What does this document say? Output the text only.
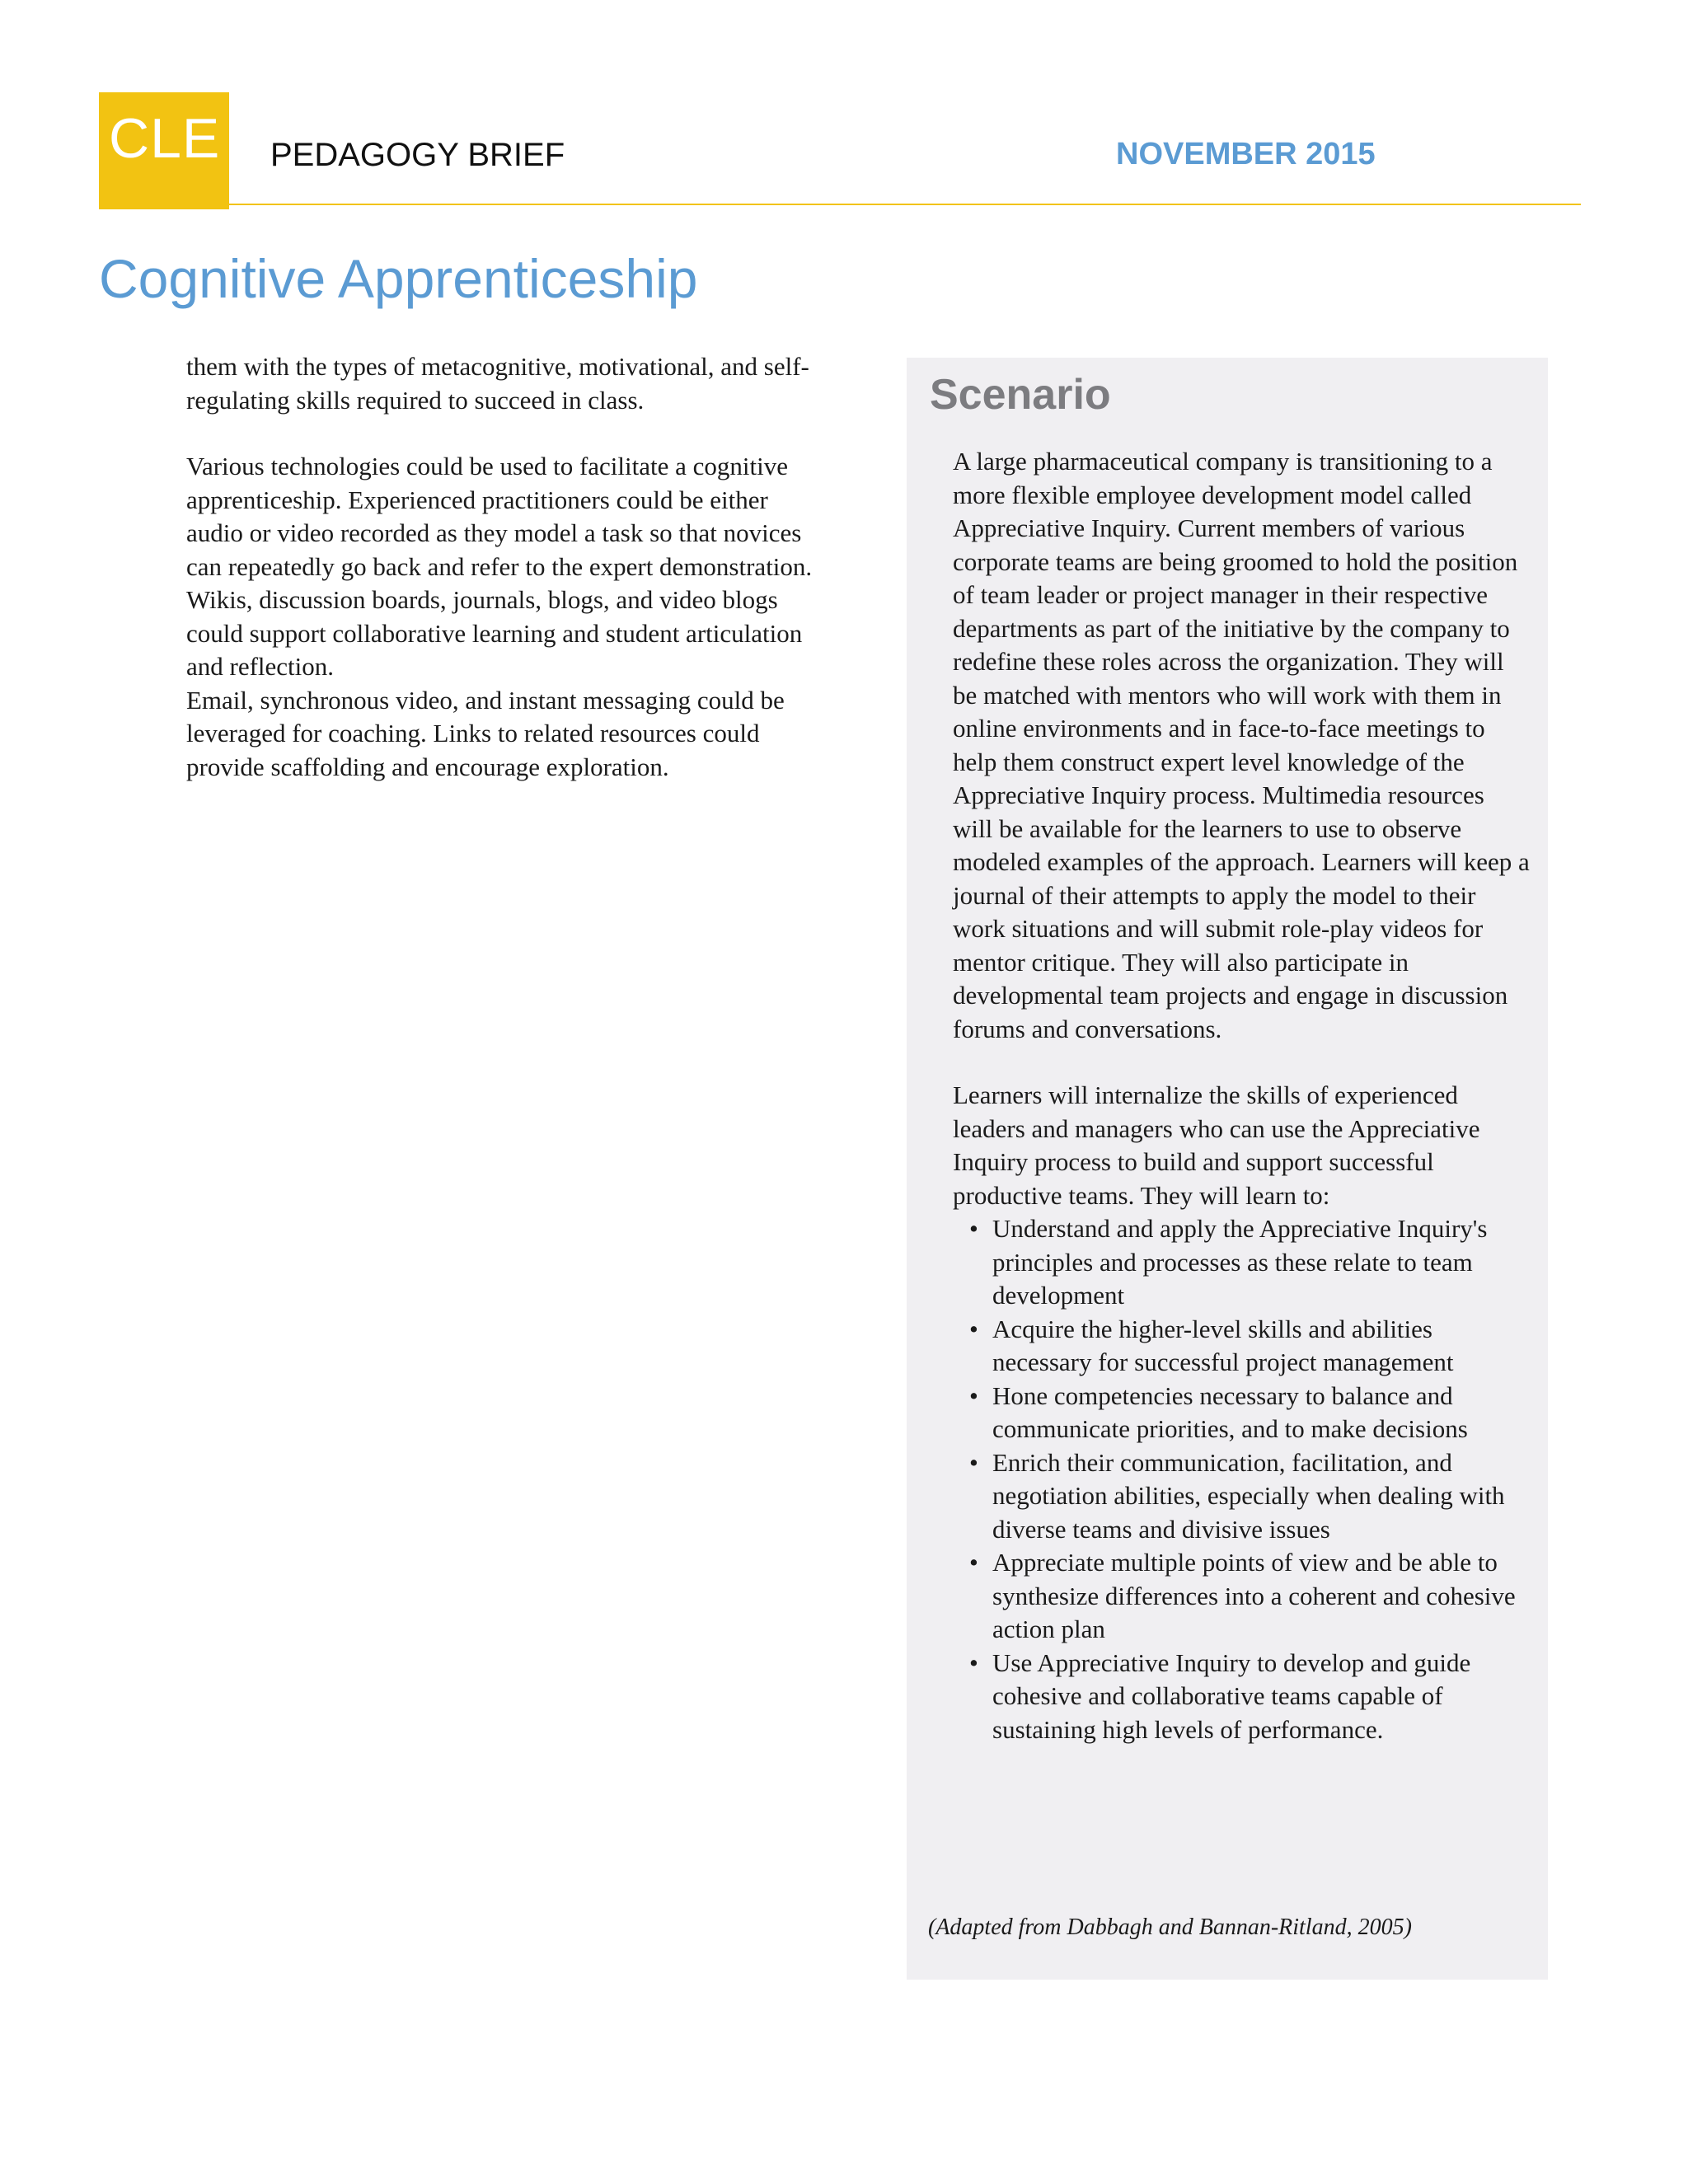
CLE PEDAGOGY BRIEF	NOVEMBER 2015
Cognitive Apprenticeship

them with the types of metacognitive, motivational, and self- regulating skills required to succeed in class.

Various technologies could be used to facilitate a cognitive apprenticeship. Experienced practitioners could be either audio or video recorded as they model a task so that novices can repeatedly go back and refer to the expert demonstration. Wikis, discussion boards, journals, blogs, and video blogs could support collaborative learning and student articulation and reflection.

Email, synchronous video, and instant messaging could be leveraged for coaching. Links to related resources could provide scaffolding and encourage exploration.

Scenario

A large pharmaceutical company is transitioning to a more flexible employee development model called Appreciative Inquiry. Current members of various corporate teams are being groomed to hold the position of team leader or project manager in their respective departments as part of the initiative by the company to redefine these roles across the organization. They will be matched with mentors who will work with them in online environments and in face-to-face meetings to help them construct expert level knowledge of the Appreciative Inquiry process. Multimedia resources will be available for the learners to use to observe modeled examples of the approach. Learners will keep a journal of their attempts to apply the model to their work situations and will submit role-play videos for mentor critique. They will also participate in developmental team projects and engage in discussion forums and conversations.

Learners will internalize the skills of experienced leaders and managers who can use the Appreciative Inquiry process to build and support successful productive teams. They will learn to:

• Understand and apply the Appreciative Inquiry's principles and processes as these relate to team development
• Acquire the higher-level skills and abilities necessary for successful project management
• Hone competencies necessary to balance and communicate priorities, and to make decisions
• Enrich their communication, facilitation, and negotiation abilities, especially when dealing with diverse teams and divisive issues
• Appreciate multiple points of view and be able to synthesize differences into a coherent and cohesive action plan
• Use Appreciative Inquiry to develop and guide cohesive and collaborative teams capable of sustaining high levels of performance.
(Adapted from Dabbagh and Bannan-Ritland, 2005)
